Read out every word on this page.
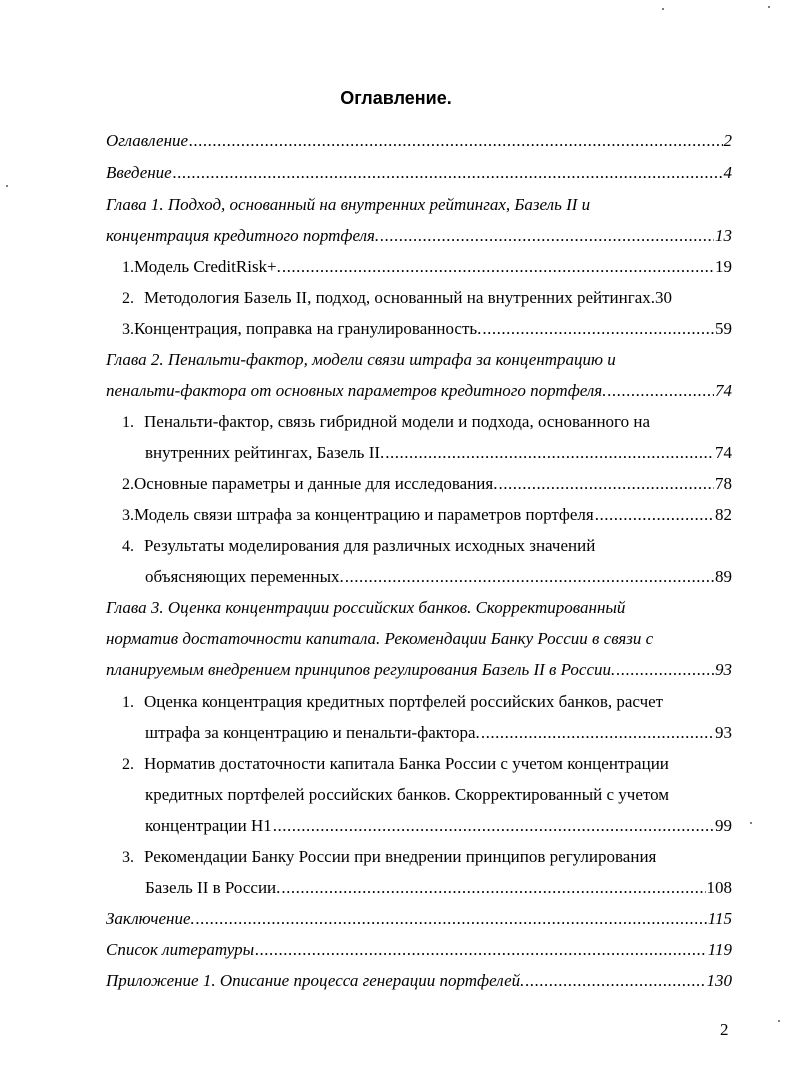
Оглавление.
Оглавление .....	2
Введение .....	4
Глава 1. Подход, основанный на внутренних рейтингах, Базель II и
концентрация кредитного портфеля. .....	13
1. Модель CreditRisk+. .....	19
2. Методология Базель II, подход, основанный на внутренних рейтингах. 30
3. Концентрация, поправка на гранулированность. .....	59
Глава 2. Пенальти-фактор, модели связи штрафа за концентрацию и
пенальти-фактора от основных параметров кредитного портфеля. .....	74
1. Пенальти-фактор, связь гибридной модели и подхода, основанного на
внутренних рейтингах, Базель II. .....	74
2. Основные параметры и данные для исследования. .....	78
3. Модель связи штрафа за концентрацию и параметров портфеля .....	82
4. Результаты моделирования для различных исходных значений
объясняющих переменных. .....	89
Глава 3. Оценка концентрации российских банков. Скорректированный
норматив достаточности капитала. Рекомендации Банку России в связи с
планируемым внедрением принципов регулирования Базель II в России. .....	93
1. Оценка концентрация кредитных портфелей российских банков, расчет
штрафа за концентрацию и пенальти-фактора. .....	93
2. Норматив достаточности капитала Банка России с учетом концентрации
кредитных портфелей российских банков. Скорректированный с учетом
концентрации Н1 .....	99
3. Рекомендации Банку России при внедрении принципов регулирования
Базель II в России. .....	108
Заключение. .....	115
Список литературы .....	119
Приложение 1. Описание процесса генерации портфелей. .....	130
2
